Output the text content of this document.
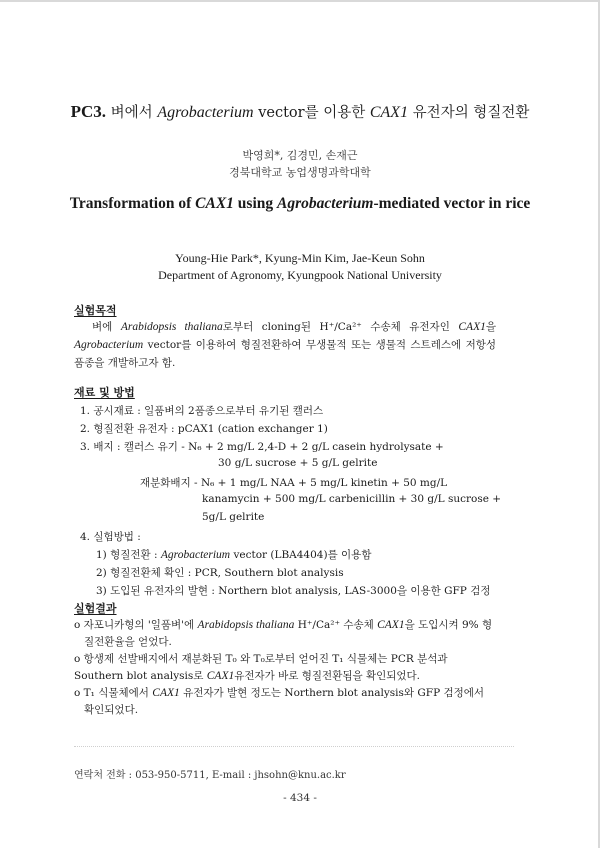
PC3. 벼에서 Agrobacterium vector를 이용한 CAX1 유전자의 형질전환
박영희*, 김경민, 손재근
경북대학교 농업생명과학대학
Transformation of CAX1 using Agrobacterium-mediated vector in rice
Young-Hie Park*, Kyung-Min Kim, Jae-Keun Sohn
Department of Agronomy, Kyungpook National University
실험목적
벼에 Arabidopsis thaliana로부터 cloning된 H⁺/Ca²⁺ 수송체 유전자인 CAX1을 Agrobacterium vector를 이용하여 형질전환하여 무생물적 또는 생물적 스트레스에 저항성 품종을 개발하고자 함.
재료 및 방법
1. 공시재료 : 일품벼의 2품종으로부터 유기된 캘러스
2. 형질전환 유전자 : pCAX1 (cation exchanger 1)
3. 배지 : 캘러스 유기 - N₆ + 2 mg/L 2,4-D + 2 g/L casein hydrolysate +
30 g/L sucrose + 5 g/L gelrite
재분화배지 - N₆ + 1 mg/L NAA + 5 mg/L kinetin + 50 mg/L
kanamycin + 500 mg/L carbenicillin + 30 g/L sucrose +
5g/L gelrite
4. 실험방법 :
1) 형질전환 : Agrobacterium vector (LBA4404)를 이용함
2) 형질전환체 확인 : PCR, Southern blot analysis
3) 도입된 유전자의 발현 : Northern blot analysis, LAS-3000을 이용한 GFP 검정
실험결과
o 자포니카형의 '일품벼'에 Arabidopsis thaliana H⁺/Ca²⁺ 수송체 CAX1을 도입시켜 9% 형
질전환율을 얻었다.
o 항생제 선발배지에서 재분화된 T₀ 와 T₀로부터 얻어진 T₁ 식물체는 PCR 분석과
Southern blot analysis로 CAX1유전자가 바로 형질전환됨을 확인되었다.
o T₁ 식물체에서 CAX1 유전자가 발현 정도는 Northern blot analysis와 GFP 검정에서
확인되었다.
연락처 전화 : 053-950-5711, E-mail : jhsohn@knu.ac.kr
- 434 -
